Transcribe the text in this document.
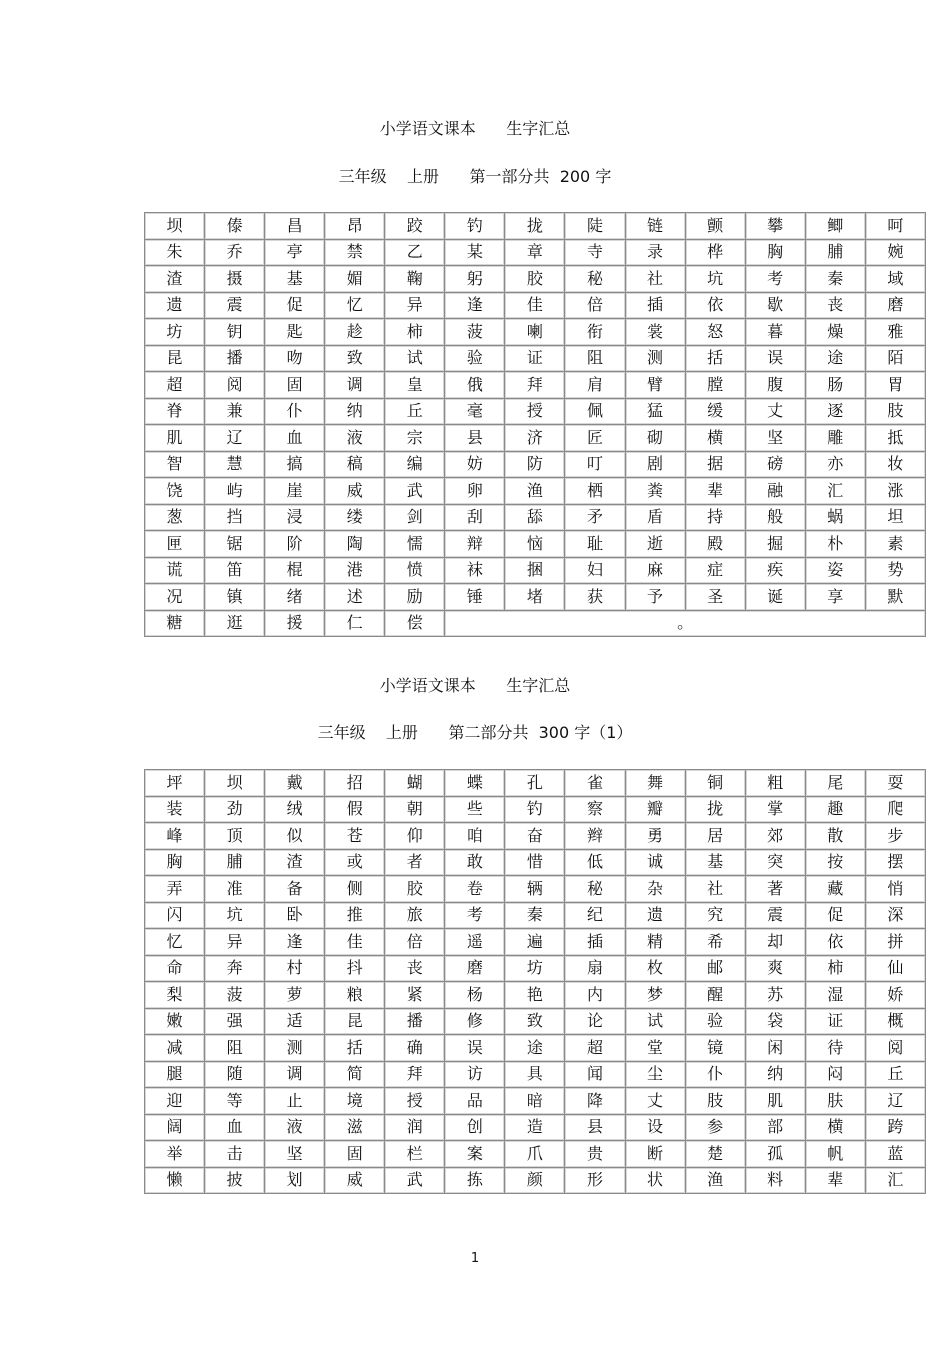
小学语文课本      生字汇总
三年级    上册      第一部分共  200 字
坝	傣	昌	昂	跤	钓	拢	陡	链	颤	攀	鲫	呵
朱	乔	亭	禁	乙	某	章	寺	录	桦	胸	脯	婉
渣	摄	基	媚	鞠	躬	胶	秘	社	坑	考	秦	域
遗	震	促	忆	异	逢	佳	倍	插	依	歇	丧	磨
坊	钥	匙	趁	柿	菠	喇	衔	裳	怒	暮	燥	雅
昆	播	吻	致	试	验	证	阻	测	括	误	途	陌
超	阅	固	调	皇	俄	拜	肩	臂	膛	腹	肠	胃
脊	兼	仆	纳	丘	毫	授	佩	猛	缓	丈	逐	肢
肌	辽	血	液	宗	县	济	匠	砌	横	坚	雕	抵
智	慧	搞	稿	编	妨	防	叮	剧	据	磅	亦	妆
饶	屿	崖	威	武	卵	渔	栖	粪	辈	融	汇	涨
葱	挡	浸	缕	剑	刮	舔	矛	盾	持	般	蜗	坦
匣	锯	阶	陶	懦	辩	恼	耻	逝	殿	掘	朴	素
谎	笛	棍	港	愤	袜	捆	妇	麻	症	疾	姿	势
况	镇	绪	述	励	锤	堵	获	予	圣	诞	享	默
糖	逛	援	仁	偿	。							
小学语文课本      生字汇总
三年级    上册      第二部分共  300 字（1）
坪	坝	戴	招	蝴	蝶	孔	雀	舞	铜	粗	尾	耍
装	劲	绒	假	朝	些	钓	察	瓣	拢	掌	趣	爬
峰	顶	似	苍	仰	咱	奋	辫	勇	居	郊	散	步
胸	脯	渣	或	者	敢	惜	低	诚	基	突	按	摆
弄	准	备	侧	胶	卷	辆	秘	杂	社	著	藏	悄
闪	坑	卧	推	旅	考	秦	纪	遗	究	震	促	深
忆	异	逢	佳	倍	遥	遍	插	精	希	却	依	拼
命	奔	村	抖	丧	磨	坊	扇	枚	邮	爽	柿	仙
梨	菠	萝	粮	紧	杨	艳	内	梦	醒	苏	湿	娇
嫩	强	适	昆	播	修	致	论	试	验	袋	证	概
减	阻	测	括	确	误	途	超	堂	镜	闲	待	阅
腿	随	调	简	拜	访	具	闻	尘	仆	纳	闷	丘
迎	等	止	境	授	品	暗	降	丈	肢	肌	肤	辽
阔	血	液	滋	润	创	造	县	设	参	部	横	跨
举	击	坚	固	栏	案	爪	贵	断	楚	孤	帆	蓝
懒	披	划	威	武	拣	颜	形	状	渔	料	辈	汇
1
